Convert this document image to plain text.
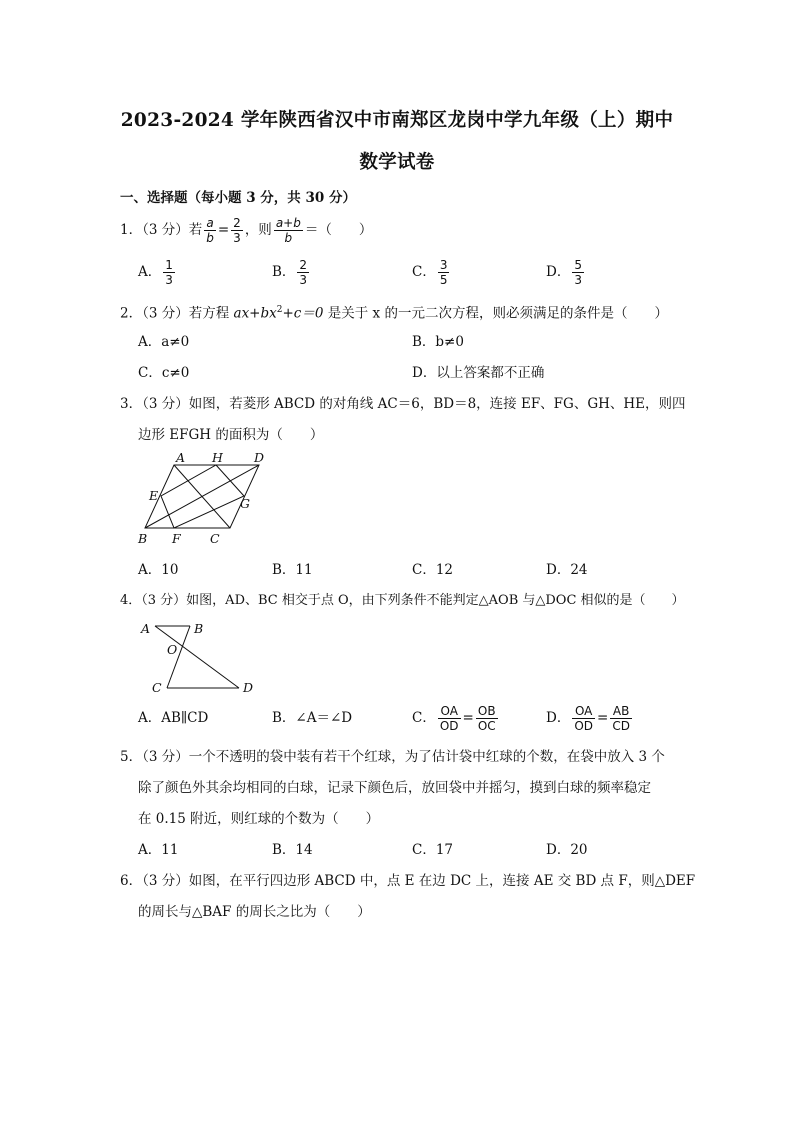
2023-2024 学年陕西省汉中市南郑区龙岗中学九年级（上）期中
数学试卷
一、选择题（每小题 3 分，共 30 分）
1．（3 分）若 $\frac{a}{b} = \frac{2}{3}$ ，则 $\frac{a+b}{b}$ ＝（　　）
A． $\frac{1}{3}$	B． $\frac{2}{3}$	C． $\frac{3}{5}$	D． $\frac{5}{3}$
2．（3 分）若方程 $ax+bx^2+c=0$ 是关于 x 的一元二次方程，则必须满足的条件是（　　）
A．a≠0	B．b≠0
C．c≠0	D．以上答案都不正确
3．（3 分）如图，若菱形 ABCD 的对角线 AC＝6，BD＝8，连接 EF、FG、GH、HE，则四
边形 EFGH 的面积为（　　）
A H D
E
G
B F C
A．10	B．11	C．12	D．24
4．（3 分）如图，AD、BC 相交于点 O，由下列条件不能判定△AOB 与△DOC 相似的是（　　）
A	B
O
C	D
A．AB∥CD	B．∠A＝∠D	C． $\frac{OA}{OD} = \frac{OB}{OC}$	D． $\frac{OA}{OD} = \frac{AB}{CD}$
5．（3 分）一个不透明的袋中装有若干个红球，为了估计袋中红球的个数，在袋中放入 3 个
除了颜色外其余均相同的白球，记录下颜色后，放回袋中并摇匀，摸到白球的频率稳定
在 0.15 附近，则红球的个数为（　　）
A．11	B．14	C．17	D．20
6．（3 分）如图，在平行四边形 ABCD 中，点 E 在边 DC 上，连接 AE 交 BD 点 F，则△DEF
的周长与△BAF 的周长之比为（　　）
